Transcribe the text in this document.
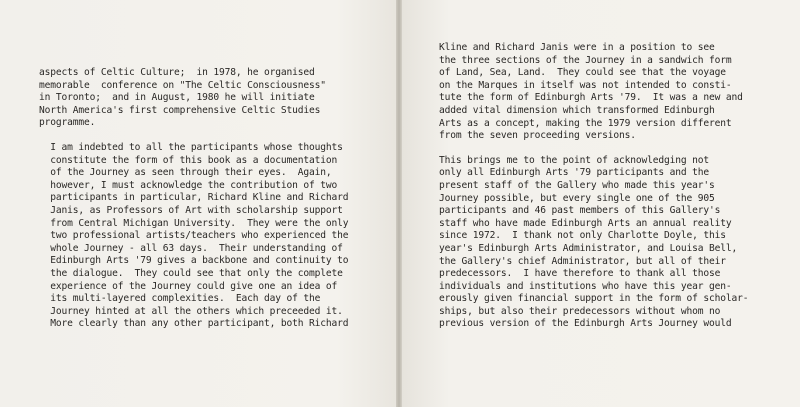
aspects of Celtic Culture;  in 1978, he organised

memorable  conference on "The Celtic Consciousness"

in Toronto;  and in August, 1980 he will initiate

North America's first comprehensive Celtic Studies

programme.

I am indebted to all the participants whose thoughts

constitute the form of this book as a documentation

of the Journey as seen through their eyes.  Again,

however, I must acknowledge the contribution of two

participants in particular, Richard Kline and Richard

Janis, as Professors of Art with scholarship support

from Central Michigan University.  They were the only

two professional artists/teachers who experienced the

whole Journey - all 63 days.  Their understanding of

Edinburgh Arts '79 gives a backbone and continuity to

the dialogue.  They could see that only the complete

experience of the Journey could give one an idea of

its multi-layered complexities.  Each day of the

Journey hinted at all the others which preceeded it.

More clearly than any other participant, both Richard

Kline and Richard Janis were in a position to see

the three sections of the Journey in a sandwich form

of Land, Sea, Land.  They could see that the voyage

on the Marques in itself was not intended to consti-

tute the form of Edinburgh Arts '79.  It was a new and

added vital dimension which transformed Edinburgh

Arts as a concept, making the 1979 version different

from the seven proceeding versions.

This brings me to the point of acknowledging not

only all Edinburgh Arts '79 participants and the

present staff of the Gallery who made this year's

Journey possible, but every single one of the 905

participants and 46 past members of this Gallery's

staff who have made Edinburgh Arts an annual reality

since 1972.  I thank not only Charlotte Doyle, this

year's Edinburgh Arts Administrator, and Louisa Bell,

the Gallery's chief Administrator, but all of their

predecessors.  I have therefore to thank all those

individuals and institutions who have this year gen-

erously given financial support in the form of scholar-

ships, but also their predecessors without whom no

previous version of the Edinburgh Arts Journey would
